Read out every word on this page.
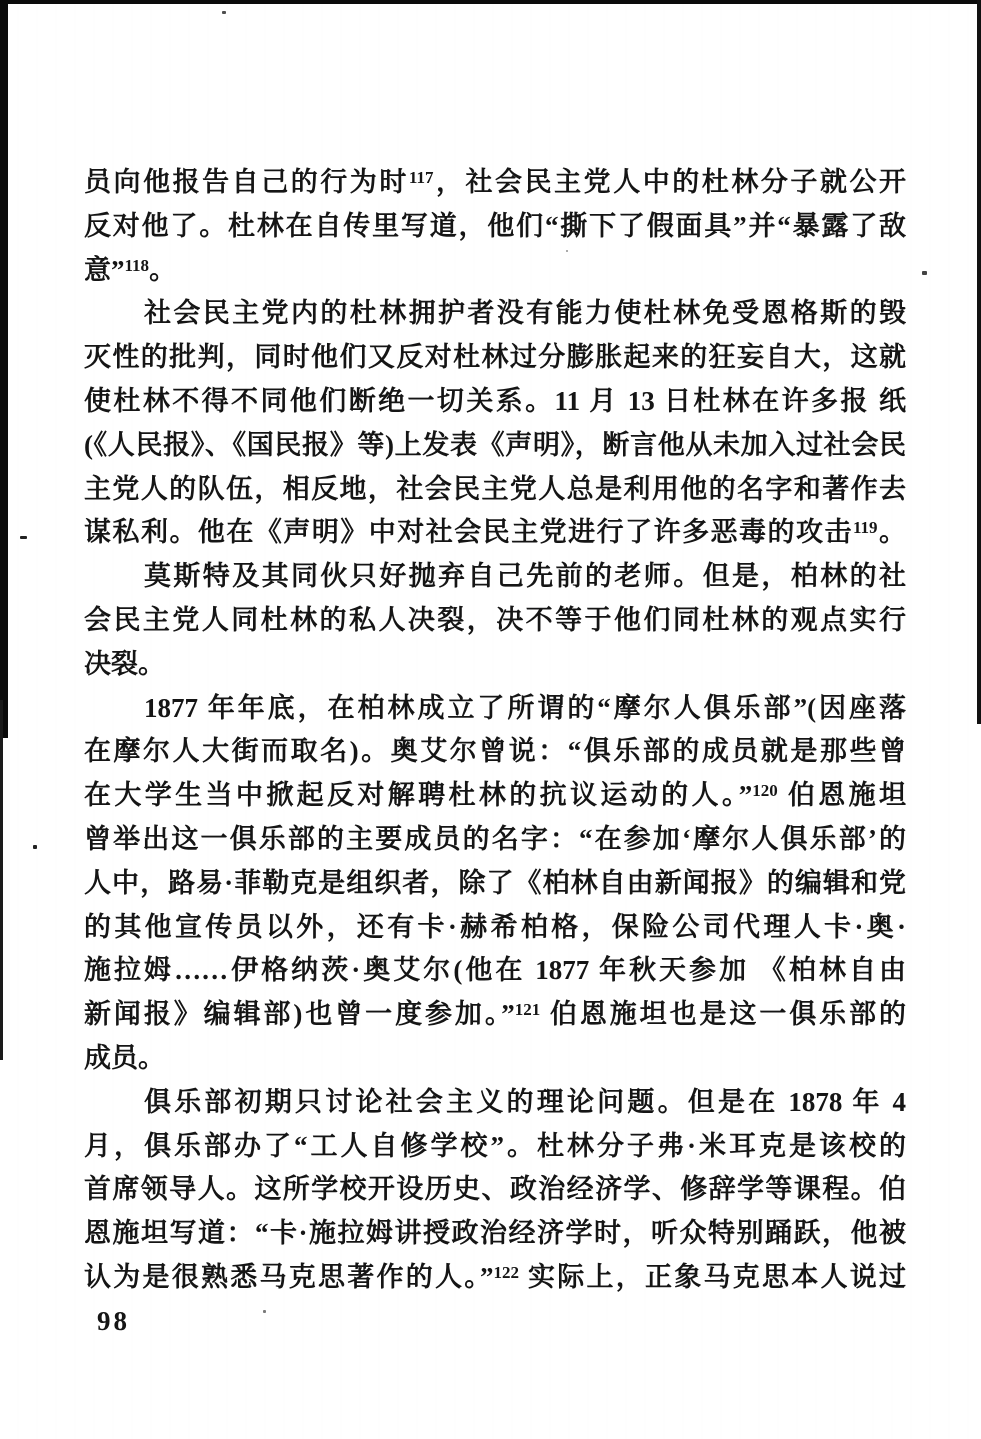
员向他报告自己的行为时$^{117}$，社会民主党人中的杜林分子就公开
反对他了。杜林在自传里写道，他们“撕下了假面具”并“暴露了敌
意”$^{118}$。
社会民主党内的杜林拥护者没有能力使杜林免受恩格斯的毁
灭性的批判，同时他们又反对杜林过分膨胀起来的狂妄自大，这就
使杜林不得不同他们断绝一切关系。11 月 13 日杜林在许多报 纸
(《人民报》、《国民报》等)上发表《声明》，断言他从未加入过社会民
主党人的队伍，相反地，社会民主党人总是利用他的名字和著作去
谋私利。他在《声明》中对社会民主党进行了许多恶毒的攻击$^{119}$。
莫斯特及其同伙只好抛弃自己先前的老师。但是，柏林的社
会民主党人同杜林的私人决裂，决不等于他们同杜林的观点实行
决裂。
1877 年年底，在柏林成立了所谓的“摩尔人俱乐部”(因座落
在摩尔人大街而取名)。奥艾尔曾说：“俱乐部的成员就是那些曾
在大学生当中掀起反对解聘杜林的抗议运动的人。”$^{120}$ 伯恩施坦
曾举出这一俱乐部的主要成员的名字：“在参加‘摩尔人俱乐部’的
人中，路易·菲勒克是组织者，除了《柏林自由新闻报》的编辑和党
的其他宣传员以外，还有卡·赫希柏格，保险公司代理人卡·奥·
施拉姆……伊格纳茨·奥艾尔(他在 1877 年秋天参加 《柏林自由
新闻报》编辑部)也曾一度参加。”$^{121}$ 伯恩施坦也是这一俱乐部的
成员。
俱乐部初期只讨论社会主义的理论问题。但是在 1878 年 4
月，俱乐部办了“工人自修学校”。杜林分子弗·米耳克是该校的
首席领导人。这所学校开设历史、政治经济学、修辞学等课程。伯
恩施坦写道：“卡·施拉姆讲授政治经济学时，听众特别踊跃，他被
认为是很熟悉马克思著作的人。”$^{122}$ 实际上，正象马克思本人说过
98
